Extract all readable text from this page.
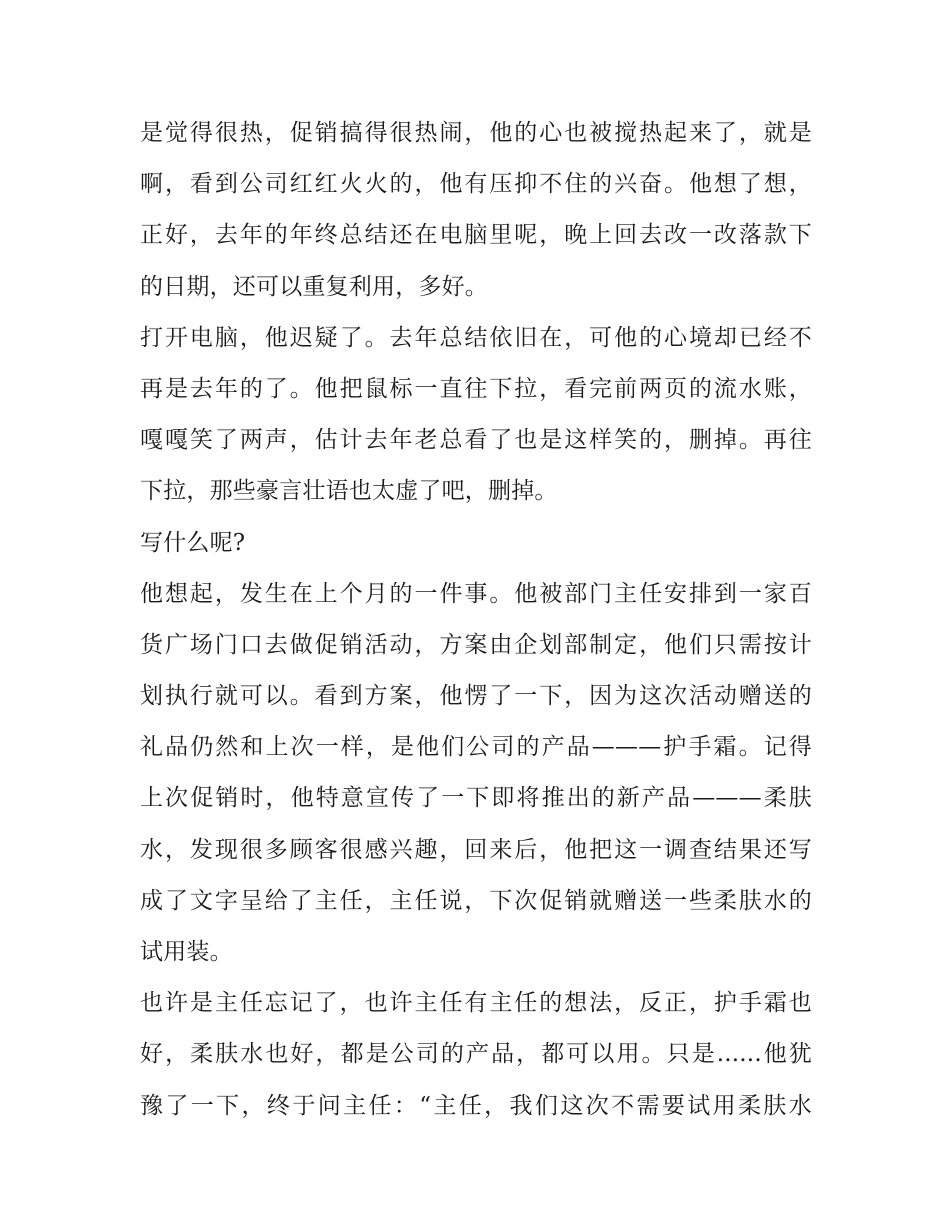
是觉得很热，促销搞得很热闹，他的心也被搅热起来了，就是
啊，看到公司红红火火的，他有压抑不住的兴奋。他想了想，
正好，去年的年终总结还在电脑里呢，晚上回去改一改落款下
的日期，还可以重复利用，多好。
打开电脑，他迟疑了。去年总结依旧在，可他的心境却已经不
再是去年的了。他把鼠标一直往下拉，看完前两页的流水账，
嘎嘎笑了两声，估计去年老总看了也是这样笑的，删掉。再往
下拉，那些豪言壮语也太虚了吧，删掉。
写什么呢?
他想起，发生在上个月的一件事。他被部门主任安排到一家百
货广场门口去做促销活动，方案由企划部制定，他们只需按计
划执行就可以。看到方案，他愣了一下，因为这次活动赠送的
礼品仍然和上次一样，是他们公司的产品———护手霜。记得
上次促销时，他特意宣传了一下即将推出的新产品———柔肤
水，发现很多顾客很感兴趣，回来后，他把这一调查结果还写
成了文字呈给了主任，主任说，下次促销就赠送一些柔肤水的
试用装。
也许是主任忘记了，也许主任有主任的想法，反正，护手霜也
好，柔肤水也好，都是公司的产品，都可以用。只是......他犹
豫了一下，终于问主任：“主任，我们这次不需要试用柔肤水
